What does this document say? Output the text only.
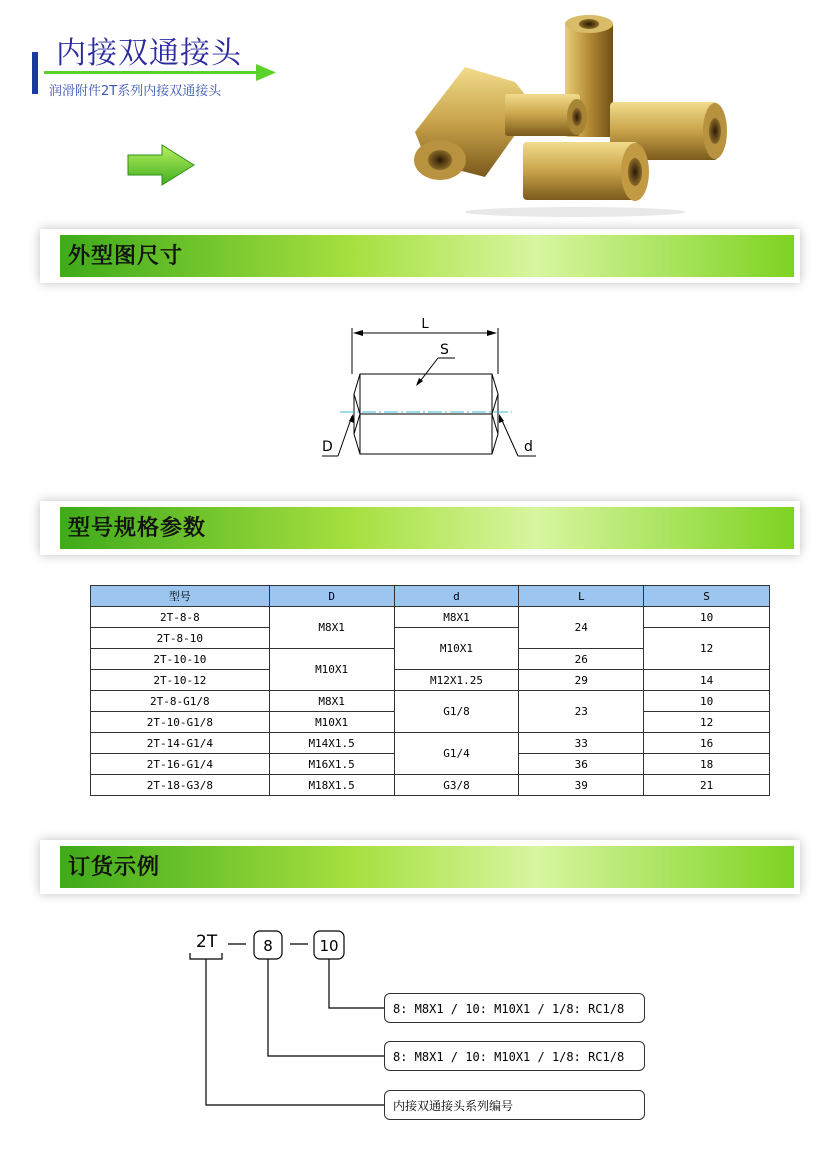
内接双通接头
润滑附件2T系列内接双通接头
外型图尺寸
L
S
D	d
型号规格参数
型号	D	d	L	S
2T-8-8	M8X1	M8X1	24	10
2T-8-10		M10X1		12
2T-10-10	M10X1		26	
2T-10-12		M12X1.25	29	14
2T-8-G1/8	M8X1	G1/8	23	10
2T-10-G1/8	M10X1			12
2T-14-G1/4	M14X1.5	G1/4	33	16
2T-16-G1/4	M16X1.5		36	18
2T-18-G3/8	M18X1.5	G3/8	39	21
订货示例
2T	8	10
8: M8X1 / 10: M10X1 / 1/8: RC1/8
8: M8X1 / 10: M10X1 / 1/8: RC1/8
内接双通接头系列编号
